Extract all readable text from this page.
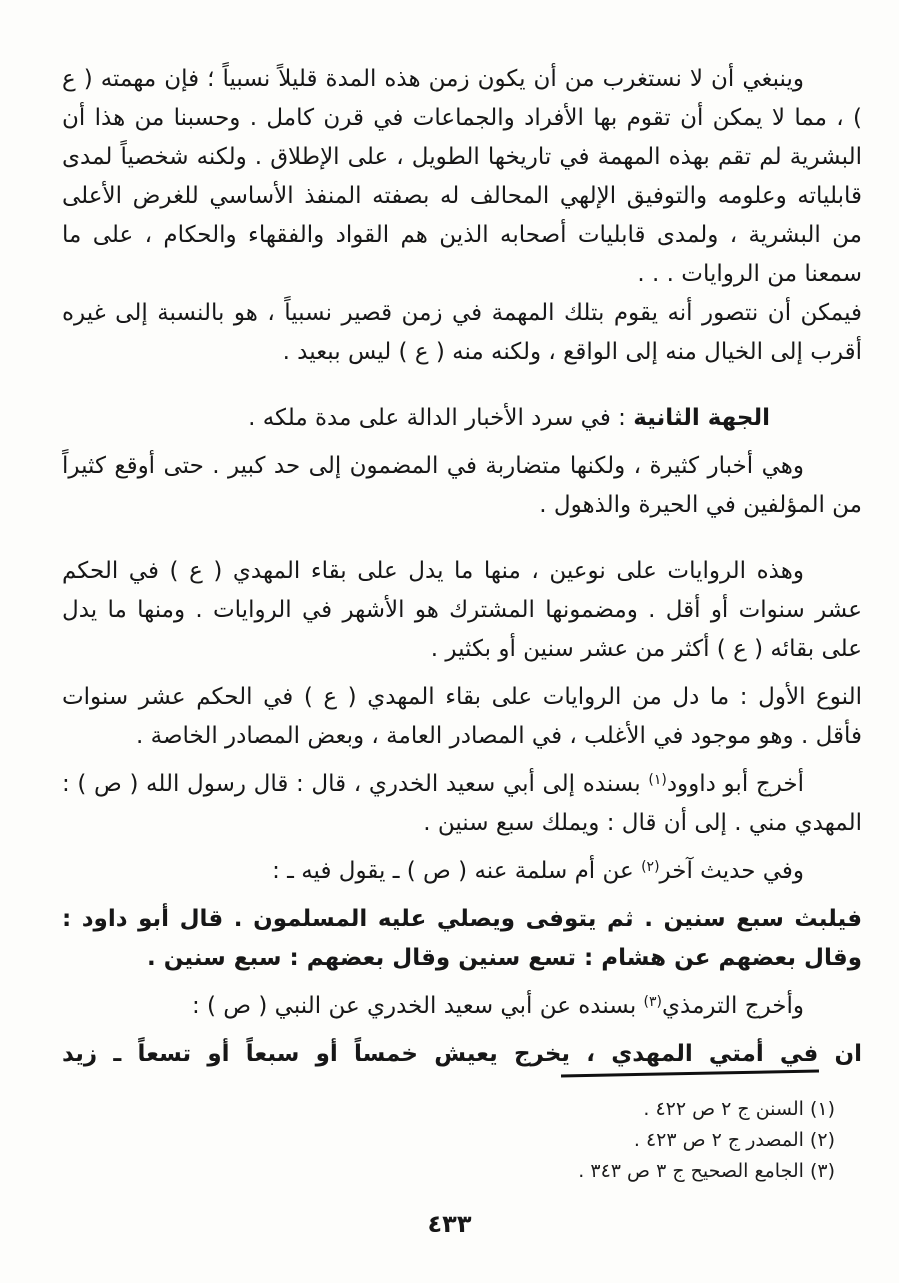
وينبغي أن لا نستغرب من أن يكون زمن هذه المدة قليلاً نسبياً ؛ فإن مهمته ( ع ) ، مما لا يمكن أن تقوم بها الأفراد والجماعات في قرن كامل . وحسبنا من هذا أن البشرية لم تقم بهذه المهمة في تاريخها الطويل ، على الإطلاق . ولكنه شخصياً لمدى قابلياته وعلومه والتوفيق الإلهي المحالف له بصفته المنفذ الأساسي للغرض الأعلى من البشرية ، ولمدى قابليات أصحابه الذين هم القواد والفقهاء والحكام ، على ما سمعنا من الروايات . . .

فيمكن أن نتصور أنه يقوم بتلك المهمة في زمن قصير نسبياً ، هو بالنسبة إلى غيره أقرب إلى الخيال منه إلى الواقع ، ولكنه منه ( ع ) ليس ببعيد .

الجهة الثانية : في سرد الأخبار الدالة على مدة ملكه .

وهي أخبار كثيرة ، ولكنها متضاربة في المضمون إلى حد كبير . حتى أوقع كثيراً من المؤلفين في الحيرة والذهول .

وهذه الروايات على نوعين ، منها ما يدل على بقاء المهدي ( ع ) في الحكم عشر سنوات أو أقل . ومضمونها المشترك هو الأشهر في الروايات . ومنها ما يدل على بقائه ( ع ) أكثر من عشر سنين أو بكثير .

النوع الأول : ما دل من الروايات على بقاء المهدي ( ع ) في الحكم عشر سنوات فأقل . وهو موجود في الأغلب ، في المصادر العامة ، وبعض المصادر الخاصة .

أخرج أبو داوود$^{(١)}$ بسنده إلى أبي سعيد الخدري ، قال : قال رسول الله ( ص ) : المهدي مني . إلى أن قال : ويملك سبع سنين .

وفي حديث آخر$^{(٢)}$ عن أم سلمة عنه ( ص ) ـ يقول فيه ـ :

فيلبث سبع سنين . ثم يتوفى ويصلي عليه المسلمون . قال أبو داود : وقال بعضهم عن هشام : تسع سنين وقال بعضهم : سبع سنين .

وأخرج الترمذي$^{(٣)}$ بسنده عن أبي سعيد الخدري عن النبي ( ص ) :

ان في أمتي المهدي ، يخرج يعيش خمساً أو سبعاً أو تسعاً ـ زيد

(١) السنن ج ٢ ص ٤٢٢ .
(٢) المصدر ج ٢ ص ٤٢٣ .
(٣) الجامع الصحيح ج ٣ ص ٣٤٣ .
٤٣٣
